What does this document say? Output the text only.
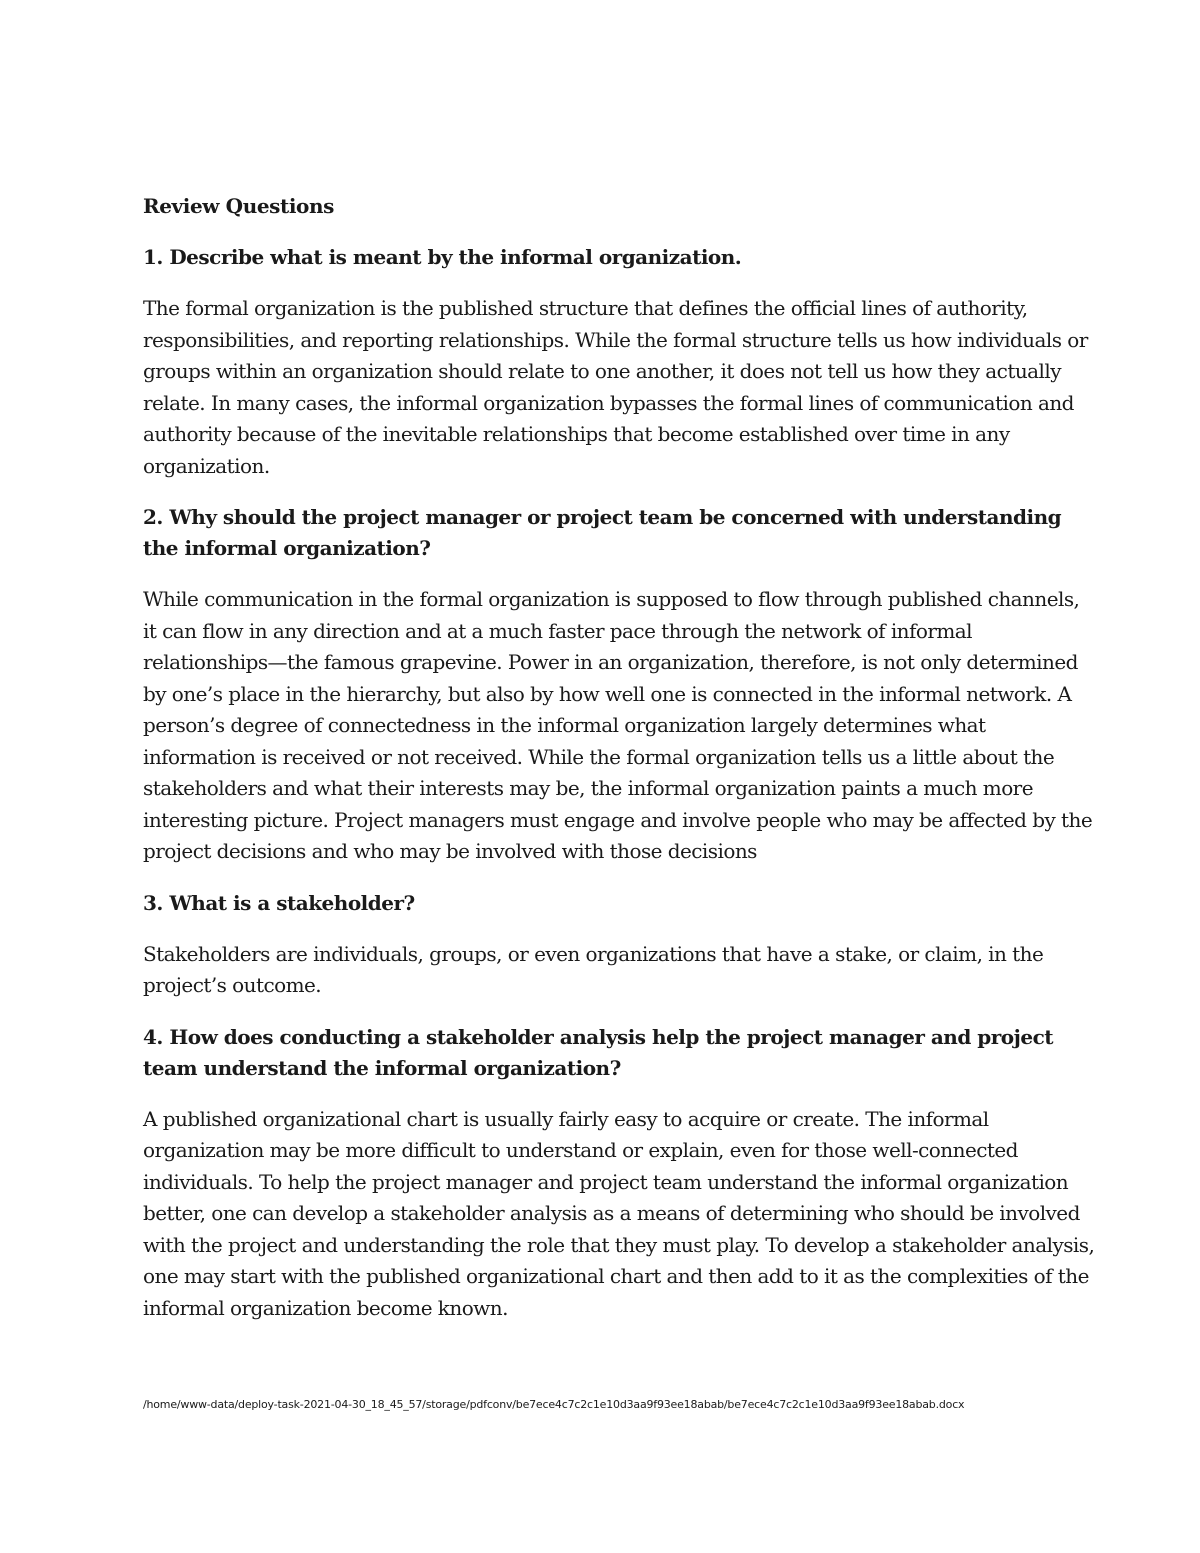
Review Questions

1. Describe what is meant by the informal organization.

The formal organization is the published structure that defines the official lines of authority, responsibilities, and reporting relationships. While the formal structure tells us how individuals or groups within an organization should relate to one another, it does not tell us how they actually relate. In many cases, the informal organization bypasses the formal lines of communication and authority because of the inevitable relationships that become established over time in any organization.

2. Why should the project manager or project team be concerned with understanding the informal organization?

While communication in the formal organization is supposed to flow through published channels, it can flow in any direction and at a much faster pace through the network of informal relationships—the famous grapevine. Power in an organization, therefore, is not only determined by one’s place in the hierarchy, but also by how well one is connected in the informal network. A person’s degree of connectedness in the informal organization largely determines what information is received or not received. While the formal organization tells us a little about the stakeholders and what their interests may be, the informal organization paints a much more interesting picture. Project managers must engage and involve people who may be affected by the project decisions and who may be involved with those decisions

3. What is a stakeholder?

Stakeholders are individuals, groups, or even organizations that have a stake, or claim, in the project’s outcome.

4. How does conducting a stakeholder analysis help the project manager and project team understand the informal organization?

A published organizational chart is usually fairly easy to acquire or create. The informal organization may be more difficult to understand or explain, even for those well-connected individuals. To help the project manager and project team understand the informal organization better, one can develop a stakeholder analysis as a means of determining who should be involved with the project and understanding the role that they must play. To develop a stakeholder analysis, one may start with the published organizational chart and then add to it as the complexities of the informal organization become known.

/home/www-data/deploy-task-2021-04-30_18_45_57/storage/pdfconv/be7ece4c7c2c1e10d3aa9f93ee18abab/be7ece4c7c2c1e10d3aa9f93ee18abab.docx
